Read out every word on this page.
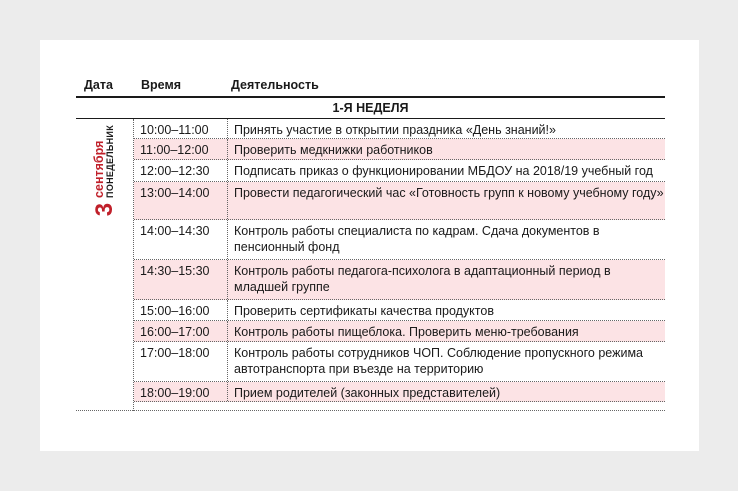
Дата Время	Деятельность
1-Я НЕДЕЛЯ
3
сентября ПОНЕДЕЛЬНИК 10:00–11:00 Принять участие в открытии праздника «День знаний!»
11:00–12:00 Проверить медкнижки работников
12:00–12:30 Подписать приказ о функционировании МБДОУ на 2018/19 учебный год
13:00–14:00 Провести педагогический час «Готовность групп к новому учебному году»
14:00–14:30 Контроль работы специалиста по кадрам. Сдача документов в пенсионный фонд
14:30–15:30 Контроль работы педагога-психолога в адаптационный период в младшей группе
15:00–16:00 Проверить сертификаты качества продуктов
16:00–17:00 Контроль работы пищеблока. Проверить меню-требования
17:00–18:00 Контроль работы сотрудников ЧОП. Соблюдение пропускного режима автотранспорта при въезде на территорию
18:00–19:00 Прием родителей (законных представителей)
